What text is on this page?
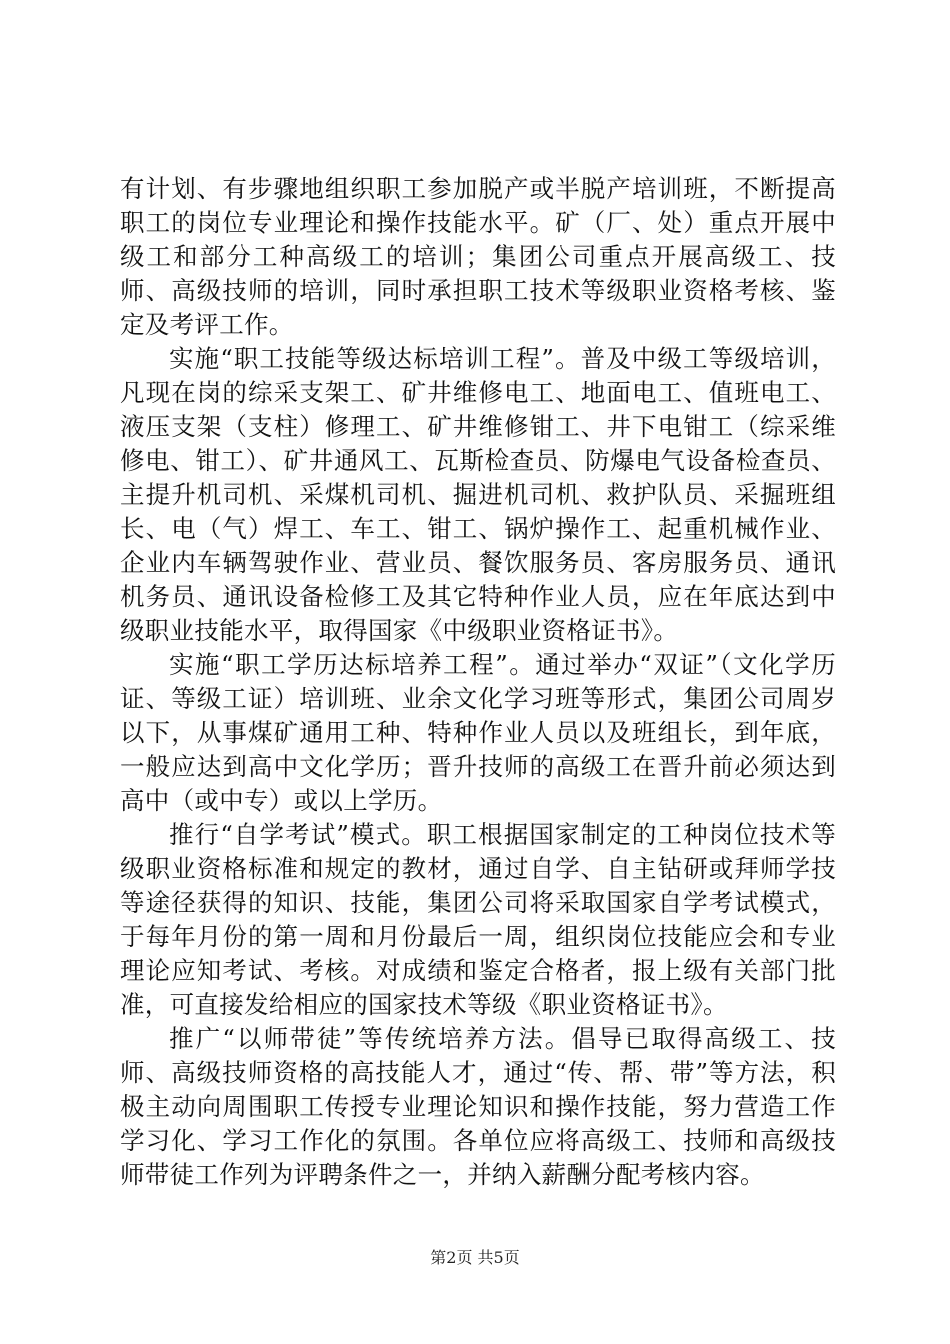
有计划、有步骤地组织职工参加脱产或半脱产培训班，不断提高职工的岗位专业理论和操作技能水平。矿（厂、处）重点开展中级工和部分工种高级工的培训；集团公司重点开展高级工、技师、高级技师的培训，同时承担职工技术等级职业资格考核、鉴定及考评工作。

实施“职工技能等级达标培训工程”。普及中级工等级培训，凡现在岗的综采支架工、矿井维修电工、地面电工、值班电工、液压支架（支柱）修理工、矿井维修钳工、井下电钳工（综采维修电、钳工）、矿井通风工、瓦斯检查员、防爆电气设备检查员、主提升机司机、采煤机司机、掘进机司机、救护队员、采掘班组长、电（气）焊工、车工、钳工、锅炉操作工、起重机械作业、企业内车辆驾驶作业、营业员、餐饮服务员、客房服务员、通讯机务员、通讯设备检修工及其它特种作业人员，应在年底达到中级职业技能水平，取得国家《中级职业资格证书》。

实施“职工学历达标培养工程”。通过举办“双证”（文化学历证、等级工证）培训班、业余文化学习班等形式，集团公司周岁以下，从事煤矿通用工种、特种作业人员以及班组长，到年底，一般应达到高中文化学历；晋升技师的高级工在晋升前必须达到高中（或中专）或以上学历。

推行“自学考试”模式。职工根据国家制定的工种岗位技术等级职业资格标准和规定的教材，通过自学、自主钻研或拜师学技等途径获得的知识、技能，集团公司将采取国家自学考试模式，于每年月份的第一周和月份最后一周，组织岗位技能应会和专业理论应知考试、考核。对成绩和鉴定合格者，报上级有关部门批准，可直接发给相应的国家技术等级《职业资格证书》。

推广“以师带徒”等传统培养方法。倡导已取得高级工、技师、高级技师资格的高技能人才，通过“传、帮、带”等方法，积极主动向周围职工传授专业理论知识和操作技能，努力营造工作学习化、学习工作化的氛围。各单位应将高级工、技师和高级技师带徒工作列为评聘条件之一，并纳入薪酬分配考核内容。

第2页 共5页
